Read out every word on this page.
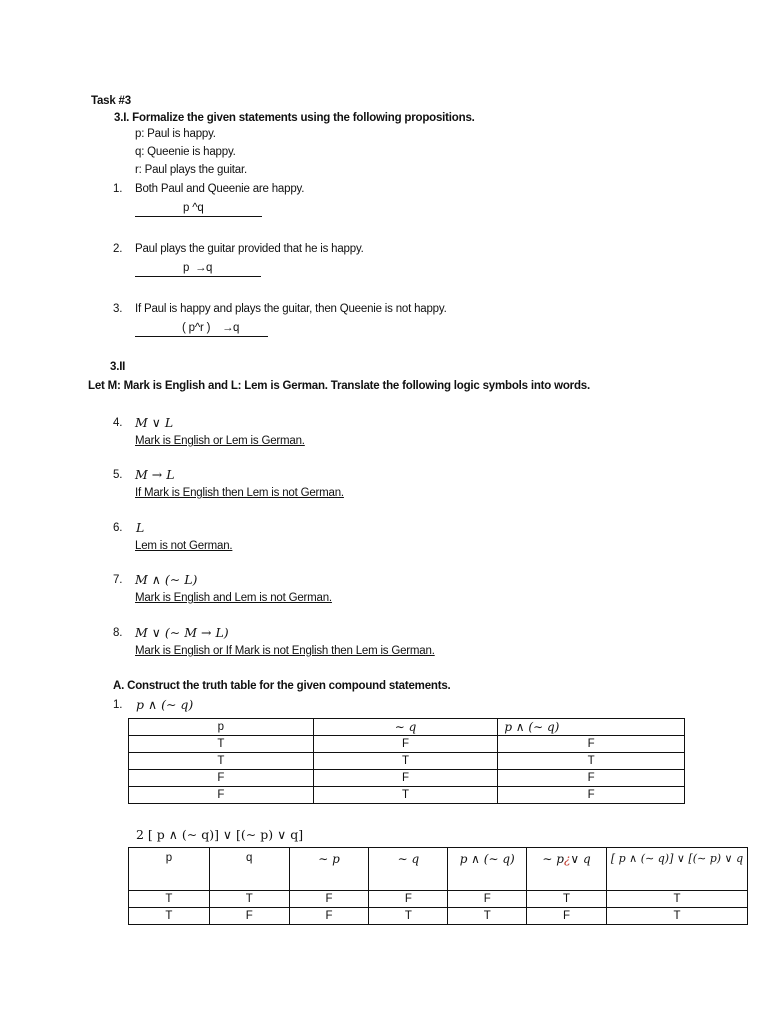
Task #3
3.I. Formalize the given statements using the following propositions.
p: Paul is happy.
q: Queenie is happy.
r: Paul plays the guitar.
1. Both Paul and Queenie are happy.
p ^q
2. Paul plays the guitar provided that he is happy.
p → q
3. If Paul is happy and plays the guitar, then Queenie is not happy.
( p^r ) → q
3.II
Let M: Mark is English and L: Lem is German. Translate the following logic symbols into words.
4. M ∨ L
Mark is English or Lem is German.
5. M → L
If Mark is English then Lem is not German.
6. L
Lem is not German.
7. M ∧ (∼ L)
Mark is English and Lem is not German.
8. M ∨ (∼ M → L)
Mark is English or If Mark is not English then Lem is German.
A. Construct the truth table for the given compound statements.
1. p ∧ (∼ q)
p	∼ q	p ∧ (∼ q)
T	F	F
T	T	T
F	F	F
F	T	F
2 [ p ∧ (∼ q)] ∨ [(∼ p) ∨ q]
p	q	∼ p	∼ q	p ∧ (∼ q)	∼ p¿∨ q	[ p ∧ (∼ q)] ∨ [(∼ p) ∨ q
T	T	F	F	F	T	T
T	F	F	T	T	F	T
